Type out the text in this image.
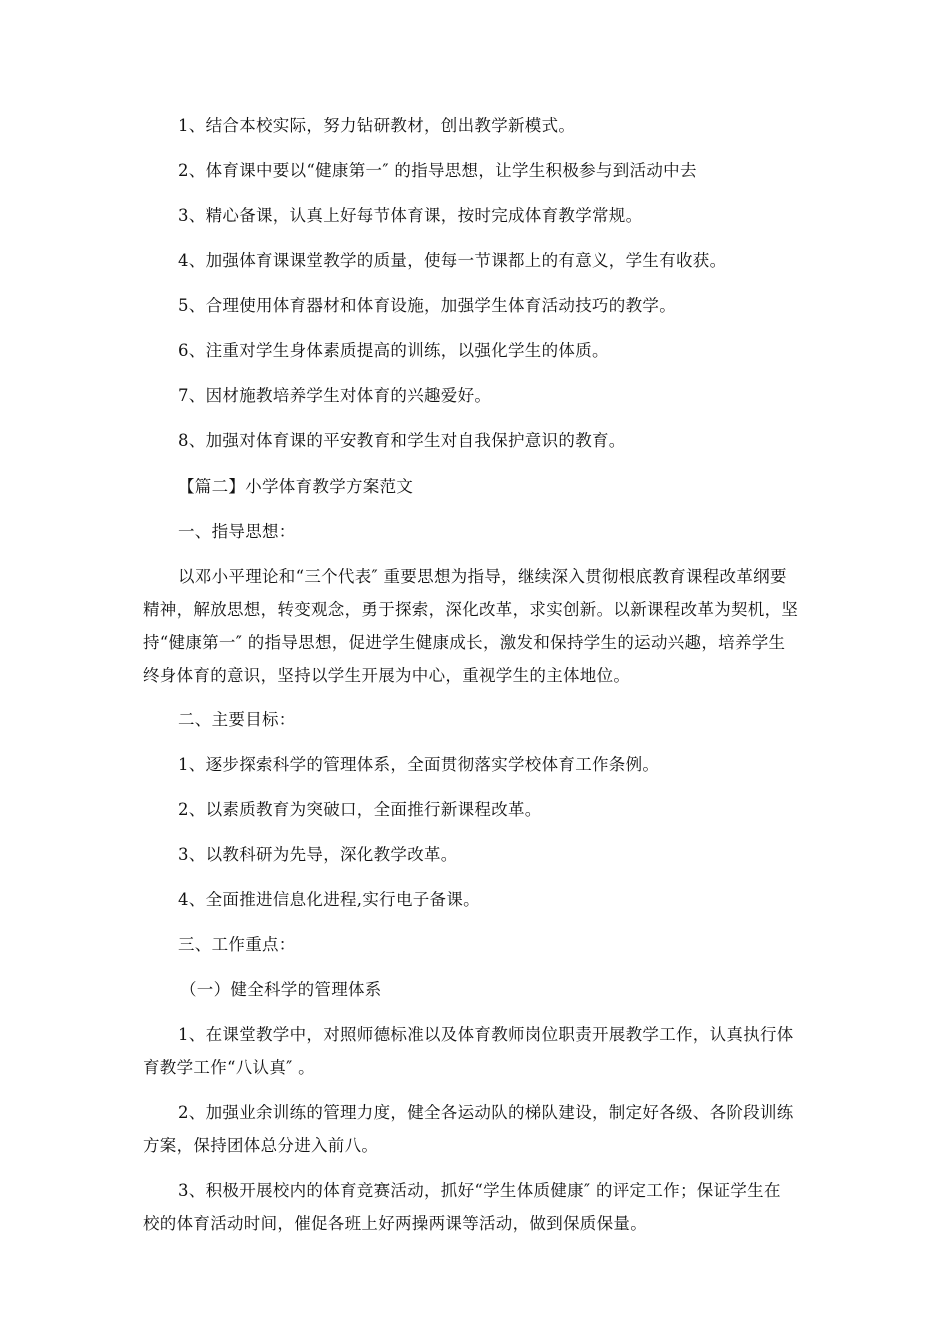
1、结合本校实际，努力钻研教材，创出教学新模式。
2、体育课中要以“健康第一″ 的指导思想，让学生积极参与到活动中去
3、精心备课，认真上好每节体育课，按时完成体育教学常规。
4、加强体育课课堂教学的质量，使每一节课都上的有意义，学生有收获。
5、合理使用体育器材和体育设施，加强学生体育活动技巧的教学。
6、注重对学生身体素质提高的训练，以强化学生的体质。
7、因材施教培养学生对体育的兴趣爱好。
8、加强对体育课的平安教育和学生对自我保护意识的教育。
【篇二】小学体育教学方案范文
一、指导思想：
以邓小平理论和“三个代表″ 重要思想为指导，继续深入贯彻根底教育课程改革纲要
精神，解放思想，转变观念，勇于探索，深化改革，求实创新。以新课程改革为契机，坚
持“健康第一″ 的指导思想，促进学生健康成长，激发和保持学生的运动兴趣，培养学生
终身体育的意识，坚持以学生开展为中心，重视学生的主体地位。
二、主要目标：
1、逐步探索科学的管理体系，全面贯彻落实学校体育工作条例。
2、以素质教育为突破口，全面推行新课程改革。
3、以教科研为先导，深化教学改革。
4、全面推进信息化进程,实行电子备课。
三、工作重点：
（一）健全科学的管理体系
1、在课堂教学中，对照师德标准以及体育教师岗位职责开展教学工作，认真执行体
育教学工作“八认真″ 。
2、加强业余训练的管理力度，健全各运动队的梯队建设，制定好各级、各阶段训练
方案，保持团体总分进入前八。
3、积极开展校内的体育竞赛活动，抓好“学生体质健康″ 的评定工作；保证学生在
校的体育活动时间，催促各班上好两操两课等活动，做到保质保量。
